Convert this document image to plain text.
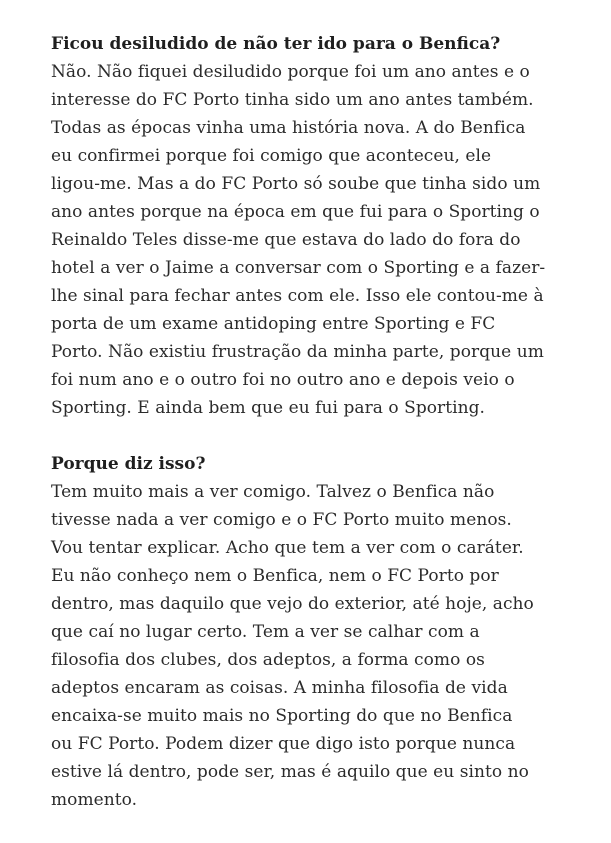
Ficou desiludido de não ter ido para o Benfica?

Não. Não fiquei desiludido porque foi um ano antes e o
interesse do FC Porto tinha sido um ano antes também.
Todas as épocas vinha uma história nova. A do Benfica
eu confirmei porque foi comigo que aconteceu, ele
ligou-me. Mas a do FC Porto só soube que tinha sido um
ano antes porque na época em que fui para o Sporting o
Reinaldo Teles disse-me que estava do lado do fora do
hotel a ver o Jaime a conversar com o Sporting e a fazer-
lhe sinal para fechar antes com ele. Isso ele contou-me à
porta de um exame antidoping entre Sporting e FC
Porto. Não existiu frustração da minha parte, porque um
foi num ano e o outro foi no outro ano e depois veio o
Sporting. E ainda bem que eu fui para o Sporting.

Porque diz isso?

Tem muito mais a ver comigo. Talvez o Benfica não
tivesse nada a ver comigo e o FC Porto muito menos.
Vou tentar explicar. Acho que tem a ver com o caráter.
Eu não conheço nem o Benfica, nem o FC Porto por
dentro, mas daquilo que vejo do exterior, até hoje, acho
que caí no lugar certo. Tem a ver se calhar com a
filosofia dos clubes, dos adeptos, a forma como os
adeptos encaram as coisas. A minha filosofia de vida
encaixa-se muito mais no Sporting do que no Benfica
ou FC Porto. Podem dizer que digo isto porque nunca
estive lá dentro, pode ser, mas é aquilo que eu sinto no
momento.
